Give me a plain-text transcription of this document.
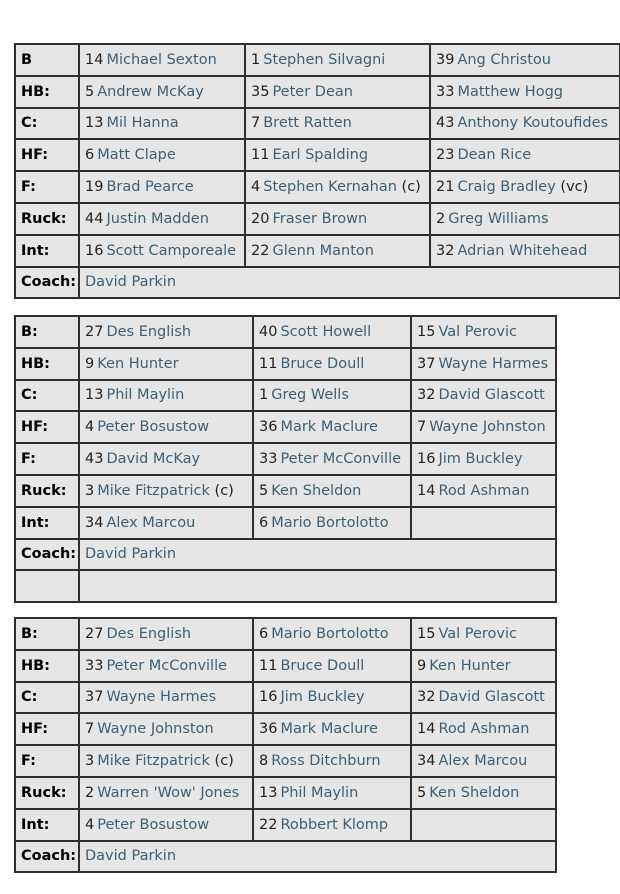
B	14 Michael Sexton	1 Stephen Silvagni	39 Ang Christou
HB:	5 Andrew McKay	35 Peter Dean	33 Matthew Hogg
C:	13 Mil Hanna	7 Brett Ratten	43 Anthony Koutoufides
HF:	6 Matt Clape	11 Earl Spalding	23 Dean Rice
F:	19 Brad Pearce	4 Stephen Kernahan (c)	21 Craig Bradley (vc)
Ruck:	44 Justin Madden	20 Fraser Brown	2 Greg Williams
Int:	16 Scott Camporeale	22 Glenn Manton	32 Adrian Whitehead
Coach:	David Parkin		
B:	27 Des English	40 Scott Howell	15 Val Perovic
HB:	9 Ken Hunter	11 Bruce Doull	37 Wayne Harmes
C:	13 Phil Maylin	1 Greg Wells	32 David Glascott
HF:	4 Peter Bosustow	36 Mark Maclure	7 Wayne Johnston
F:	43 David McKay	33 Peter McConville	16 Jim Buckley
Ruck:	3 Mike Fitzpatrick (c)	5 Ken Sheldon	14 Rod Ashman
Int:	34 Alex Marcou	6 Mario Bortolotto	
Coach:	David Parkin		

B:	27 Des English	6 Mario Bortolotto	15 Val Perovic
HB:	33 Peter McConville	11 Bruce Doull	9 Ken Hunter
C:	37 Wayne Harmes	16 Jim Buckley	32 David Glascott
HF:	7 Wayne Johnston	36 Mark Maclure	14 Rod Ashman
F:	3 Mike Fitzpatrick (c)	8 Ross Ditchburn	34 Alex Marcou
Ruck:	2 Warren 'Wow' Jones	13 Phil Maylin	5 Ken Sheldon
Int:	4 Peter Bosustow	22 Robbert Klomp	
Coach:	David Parkin		
